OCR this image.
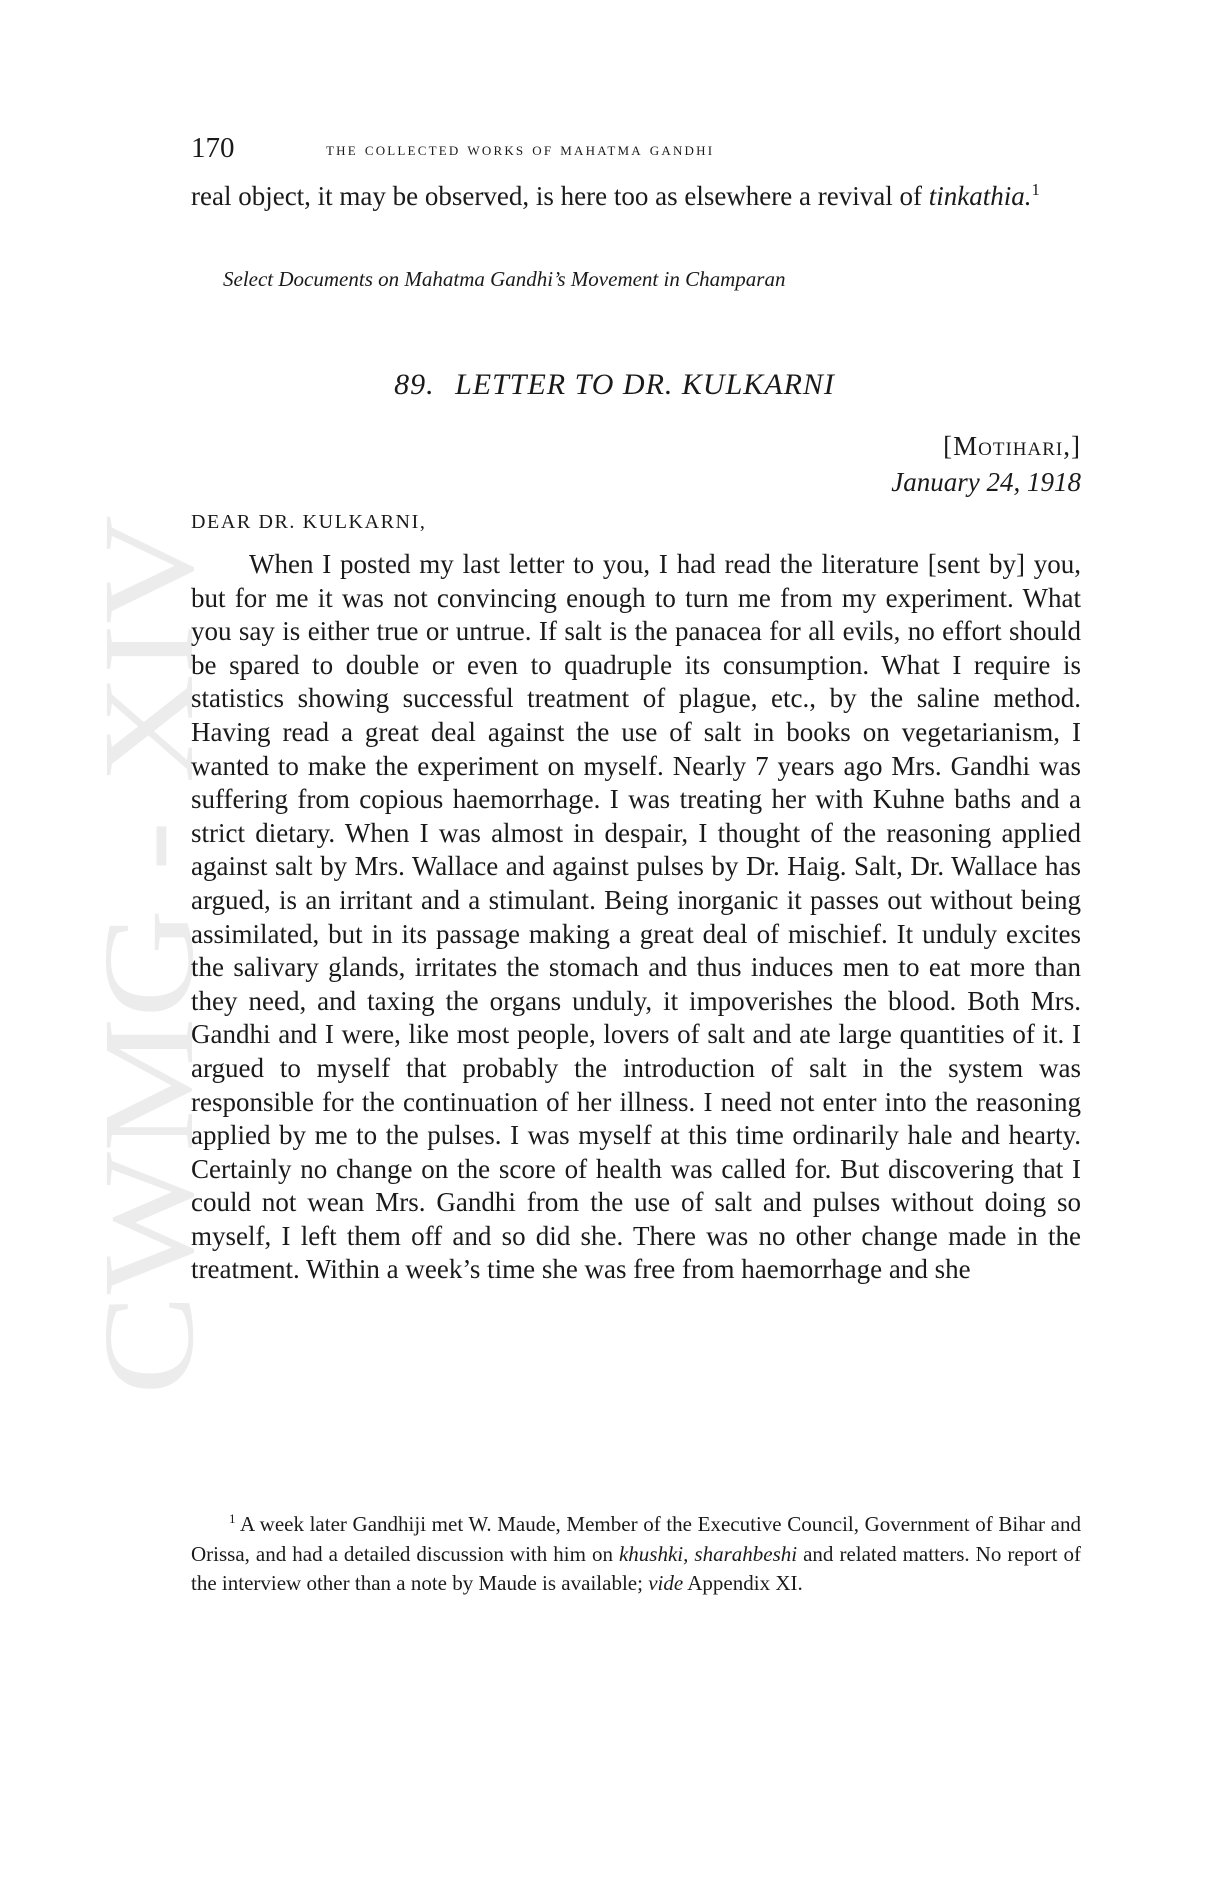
CWMG - XIV
170	the collected works of mahatma gandhi
real object, it may be observed, is here too as elsewhere a revival of tinkathia.$^1$
Select Documents on Mahatma Gandhi’s Movement in Champaran
89. LETTER TO DR. KULKARNI
[Motihari,]
January 24, 1918
DEAR DR. KULKARNI,

When I posted my last letter to you, I had read the literature [sent by] you, but for me it was not convincing enough to turn me from my experiment. What you say is either true or untrue. If salt is the panacea for all evils, no effort should be spared to double or even to quadruple its consumption. What I require is statistics showing successful treatment of plague, etc., by the saline method. Having read a great deal against the use of salt in books on vegetarianism, I wanted to make the experiment on myself. Nearly 7 years ago Mrs. Gandhi was suffering from copious haemorrhage. I was treating her with Kuhne baths and a strict dietary. When I was almost in despair, I thought of the reasoning applied against salt by Mrs. Wallace and against pulses by Dr. Haig. Salt, Dr. Wallace has argued, is an irritant and a stimulant. Being inorganic it passes out without being assimilated, but in its passage making a great deal of mischief. It unduly excites the salivary glands, irritates the stomach and thus induces men to eat more than they need, and taxing the organs unduly, it impoverishes the blood. Both Mrs. Gandhi and I were, like most people, lovers of salt and ate large quantities of it. I argued to myself that probably the introduction of salt in the system was responsible for the continuation of her illness. I need not enter into the reasoning applied by me to the pulses. I was myself at this time ordinarily hale and hearty. Certainly no change on the score of health was called for. But discovering that I could not wean Mrs. Gandhi from the use of salt and pulses without doing so myself, I left them off and so did she. There was no other change made in the treatment. Within a week’s time she was free from haemorrhage and she

$^1$ A week later Gandhiji met W. Maude, Member of the Executive Council, Government of Bihar and Orissa, and had a detailed discussion with him on khushki, sharahbeshi and related matters. No report of the interview other than a note by Maude is available; vide Appendix XI.
